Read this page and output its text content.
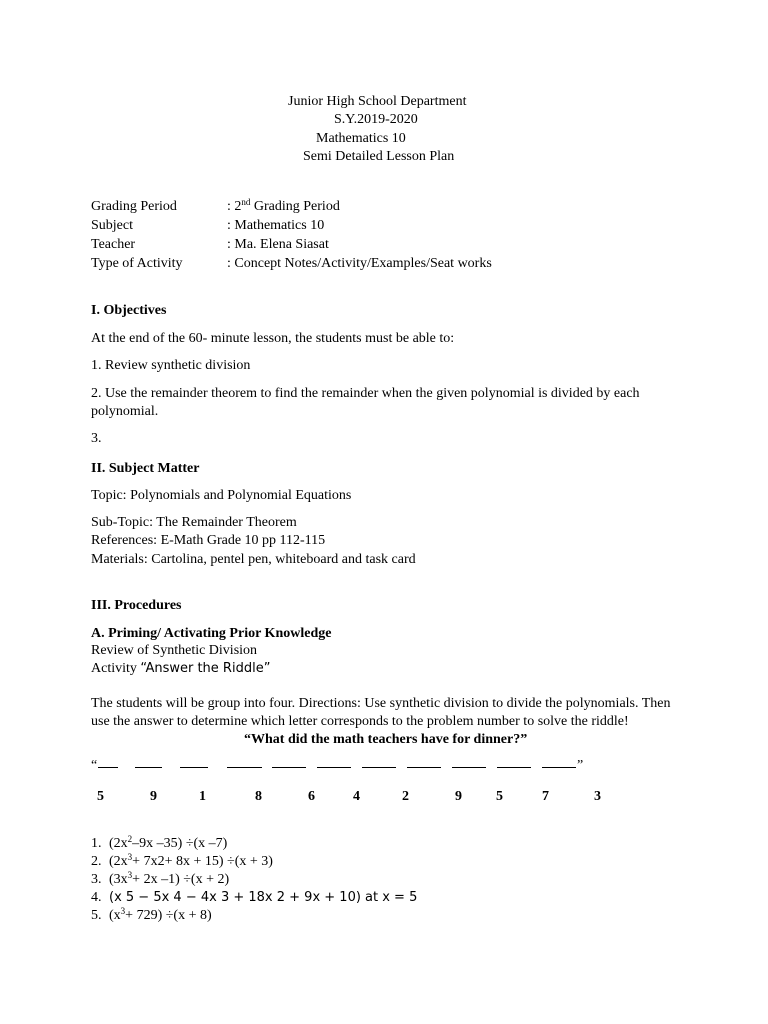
Junior High School Department
S.Y.2019-2020
Mathematics 10
Semi Detailed Lesson Plan
Grading Period	: 2nd Grading Period
Subject	: Mathematics 10
Teacher	: Ma. Elena Siasat
Type of Activity	: Concept Notes/Activity/Examples/Seat works
I. Objectives
At the end of the 60- minute lesson, the students must be able to:
1. Review synthetic division
2. Use the remainder theorem to find the remainder when the given polynomial is divided by each polynomial.
3.
II. Subject Matter
Topic: Polynomials and Polynomial Equations
Sub-Topic: The Remainder Theorem
References: E-Math Grade 10 pp 112-115
Materials: Cartolina, pentel pen, whiteboard and task card
III. Procedures
A. Priming/ Activating Prior Knowledge
Review of Synthetic Division
Activity “Answer the Riddle”
The students will be group into four. Directions: Use synthetic division to divide the polynomials. Then use the answer to determine which letter corresponds to the problem number to solve the riddle!
“What did the math teachers have for dinner?”
“	”
5	9	1	8	6	4	2	9 5	7	3
1. ($2x^2-9x$ –35) ÷(x –7)
2. $(2x^3+ 7x2+ 8x + 15) \div(x + 3)$
3. ($3x^3+ 2x$ –1) ÷(x + 2)
4. (x 5 − 5x 4 − 4x 3 + 18x 2 + 9x + 10) at x = 5
5. $(x^3+ 729) \div(x + 8)$
